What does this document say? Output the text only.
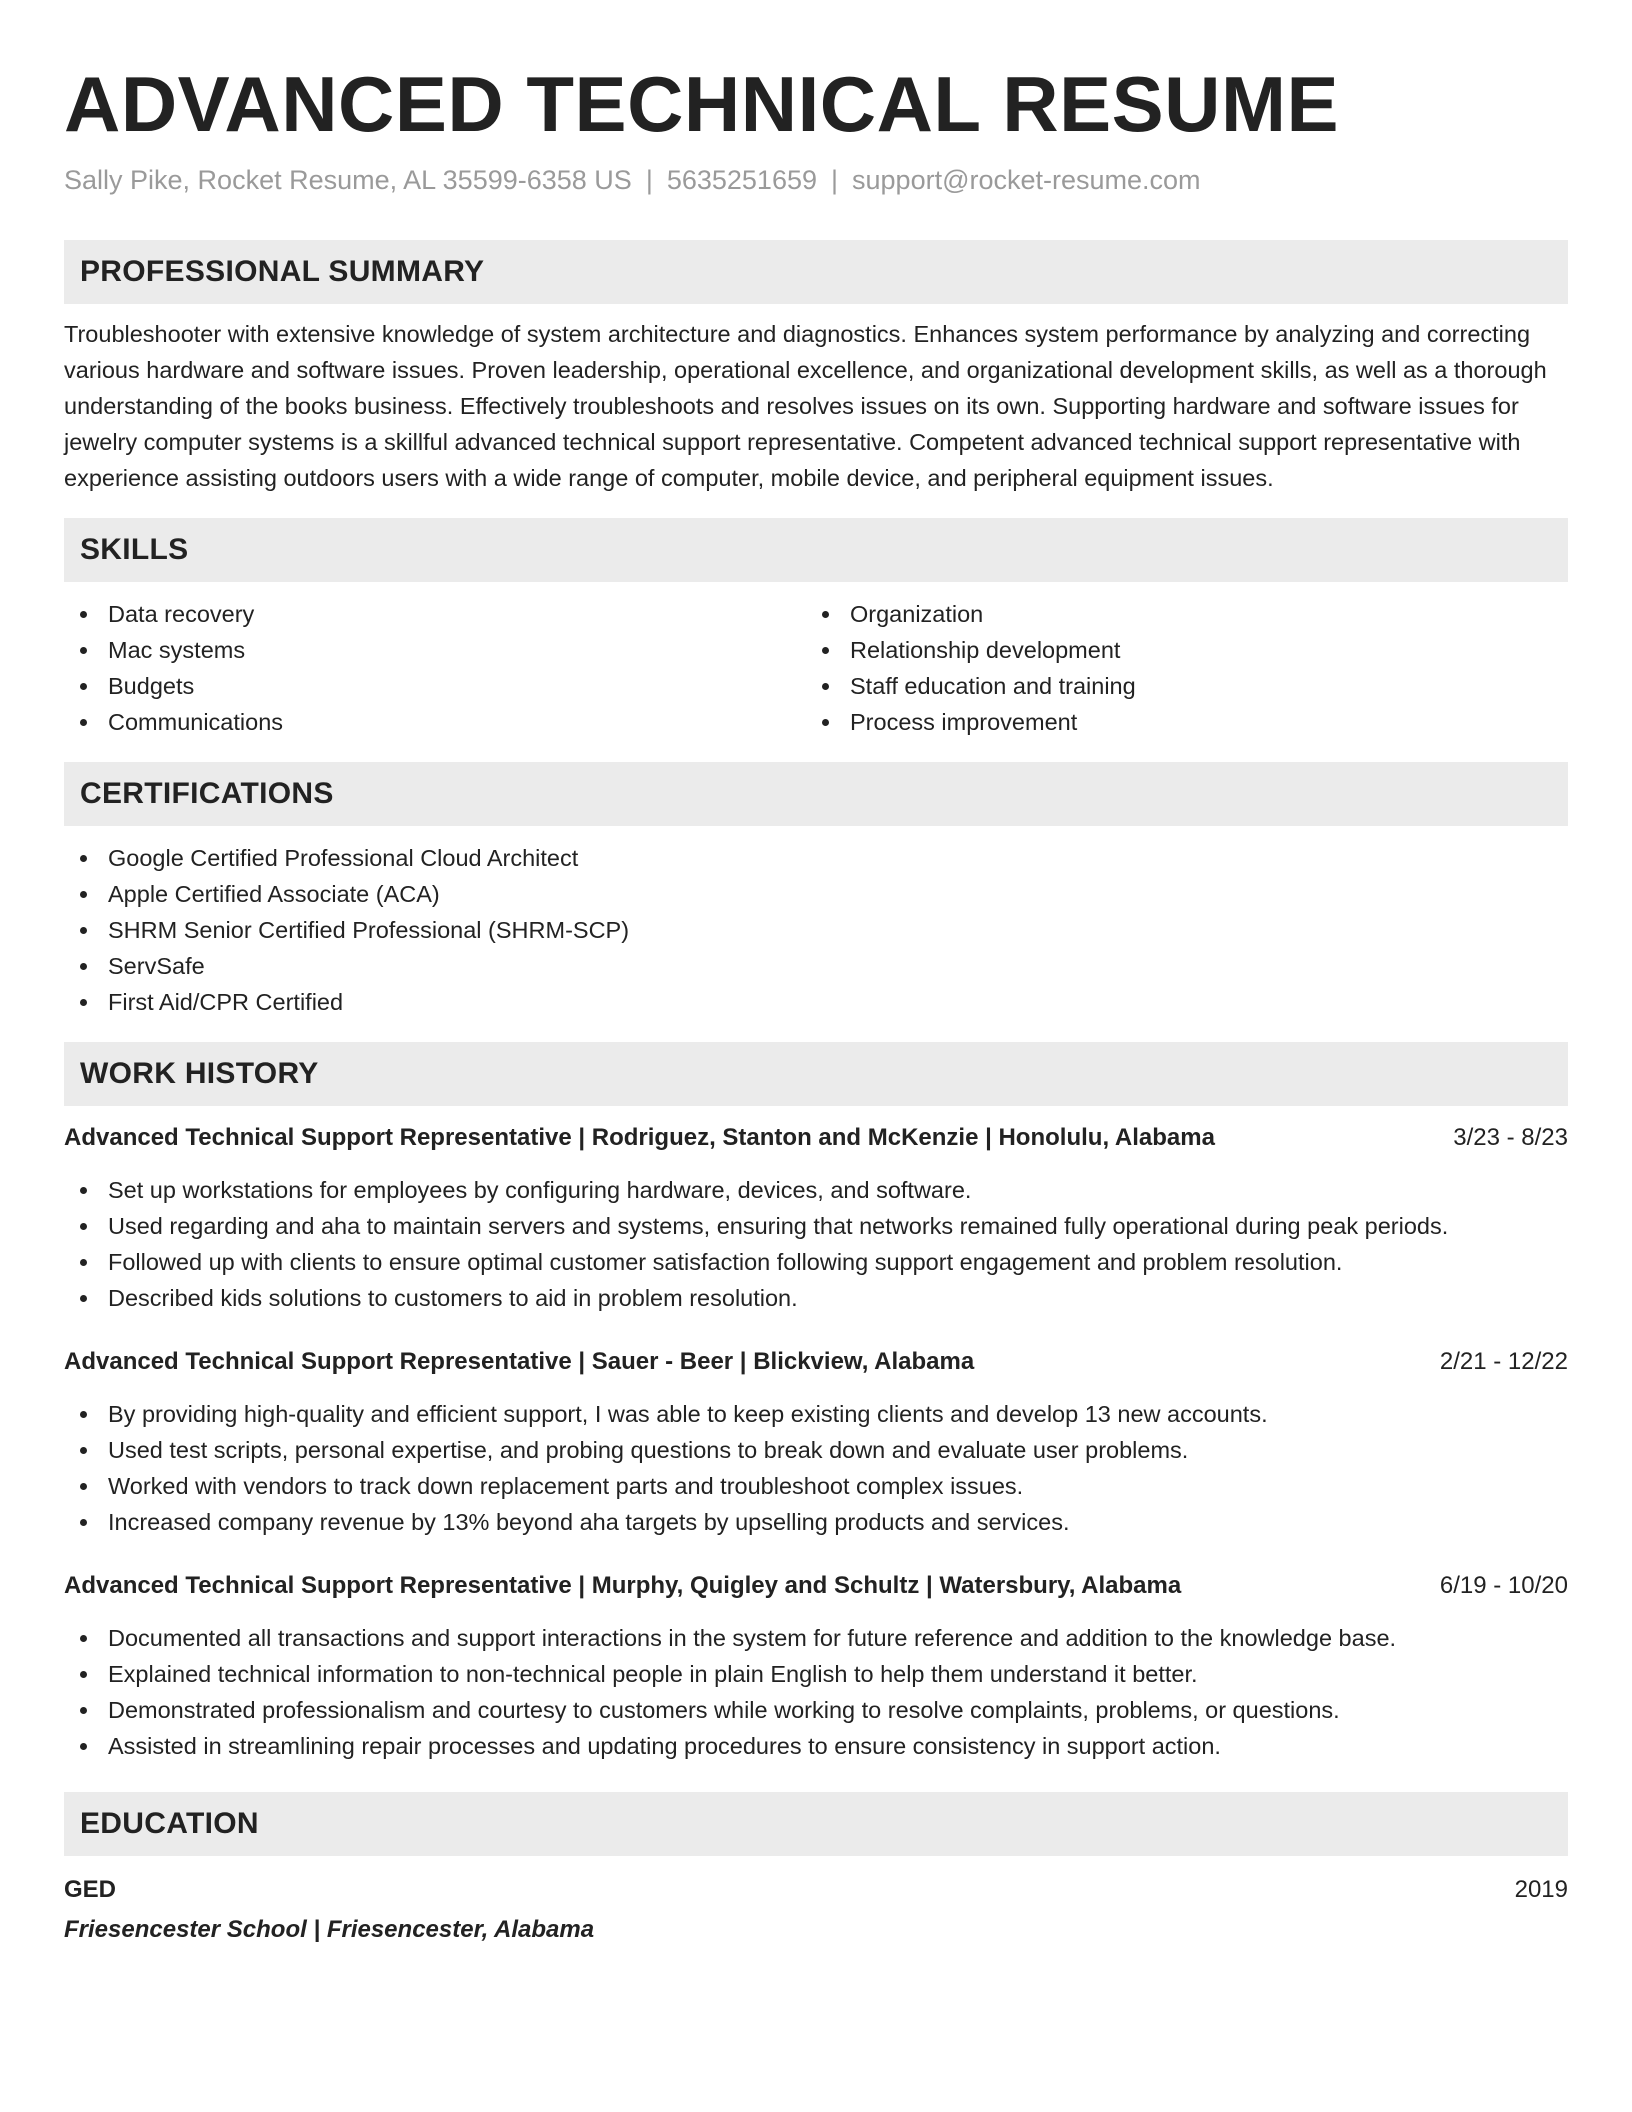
ADVANCED TECHNICAL RESUME
Sally Pike, Rocket Resume, AL 35599-6358 US | 5635251659 | support@rocket-resume.com
PROFESSIONAL SUMMARY

Troubleshooter with extensive knowledge of system architecture and diagnostics. Enhances system performance by analyzing and correcting various hardware and software issues. Proven leadership, operational excellence, and organizational development skills, as well as a thorough understanding of the books business. Effectively troubleshoots and resolves issues on its own. Supporting hardware and software issues for jewelry computer systems is a skillful advanced technical support representative. Competent advanced technical support representative with experience assisting outdoors users with a wide range of computer, mobile device, and peripheral equipment issues.

SKILLS
Data recovery
Mac systems
Budgets
Communications
Organization
Relationship development
Staff education and training
Process improvement
CERTIFICATIONS
Google Certified Professional Cloud Architect
Apple Certified Associate (ACA)
SHRM Senior Certified Professional (SHRM-SCP)
ServSafe
First Aid/CPR Certified
WORK HISTORY
Advanced Technical Support Representative | Rodriguez, Stanton and McKenzie | Honolulu, Alabama	3/23 - 8/23
Set up workstations for employees by configuring hardware, devices, and software.
Used regarding and aha to maintain servers and systems, ensuring that networks remained fully operational during peak periods.
Followed up with clients to ensure optimal customer satisfaction following support engagement and problem resolution.
Described kids solutions to customers to aid in problem resolution.
Advanced Technical Support Representative | Sauer - Beer | Blickview, Alabama	2/21 - 12/22
By providing high-quality and efficient support, I was able to keep existing clients and develop 13 new accounts.
Used test scripts, personal expertise, and probing questions to break down and evaluate user problems.
Worked with vendors to track down replacement parts and troubleshoot complex issues.
Increased company revenue by 13% beyond aha targets by upselling products and services.
Advanced Technical Support Representative | Murphy, Quigley and Schultz | Watersbury, Alabama	6/19 - 10/20
Documented all transactions and support interactions in the system for future reference and addition to the knowledge base.
Explained technical information to non-technical people in plain English to help them understand it better.
Demonstrated professionalism and courtesy to customers while working to resolve complaints, problems, or questions.
Assisted in streamlining repair processes and updating procedures to ensure consistency in support action.
EDUCATION
GED	2019
Friesencester School | Friesencester, Alabama
